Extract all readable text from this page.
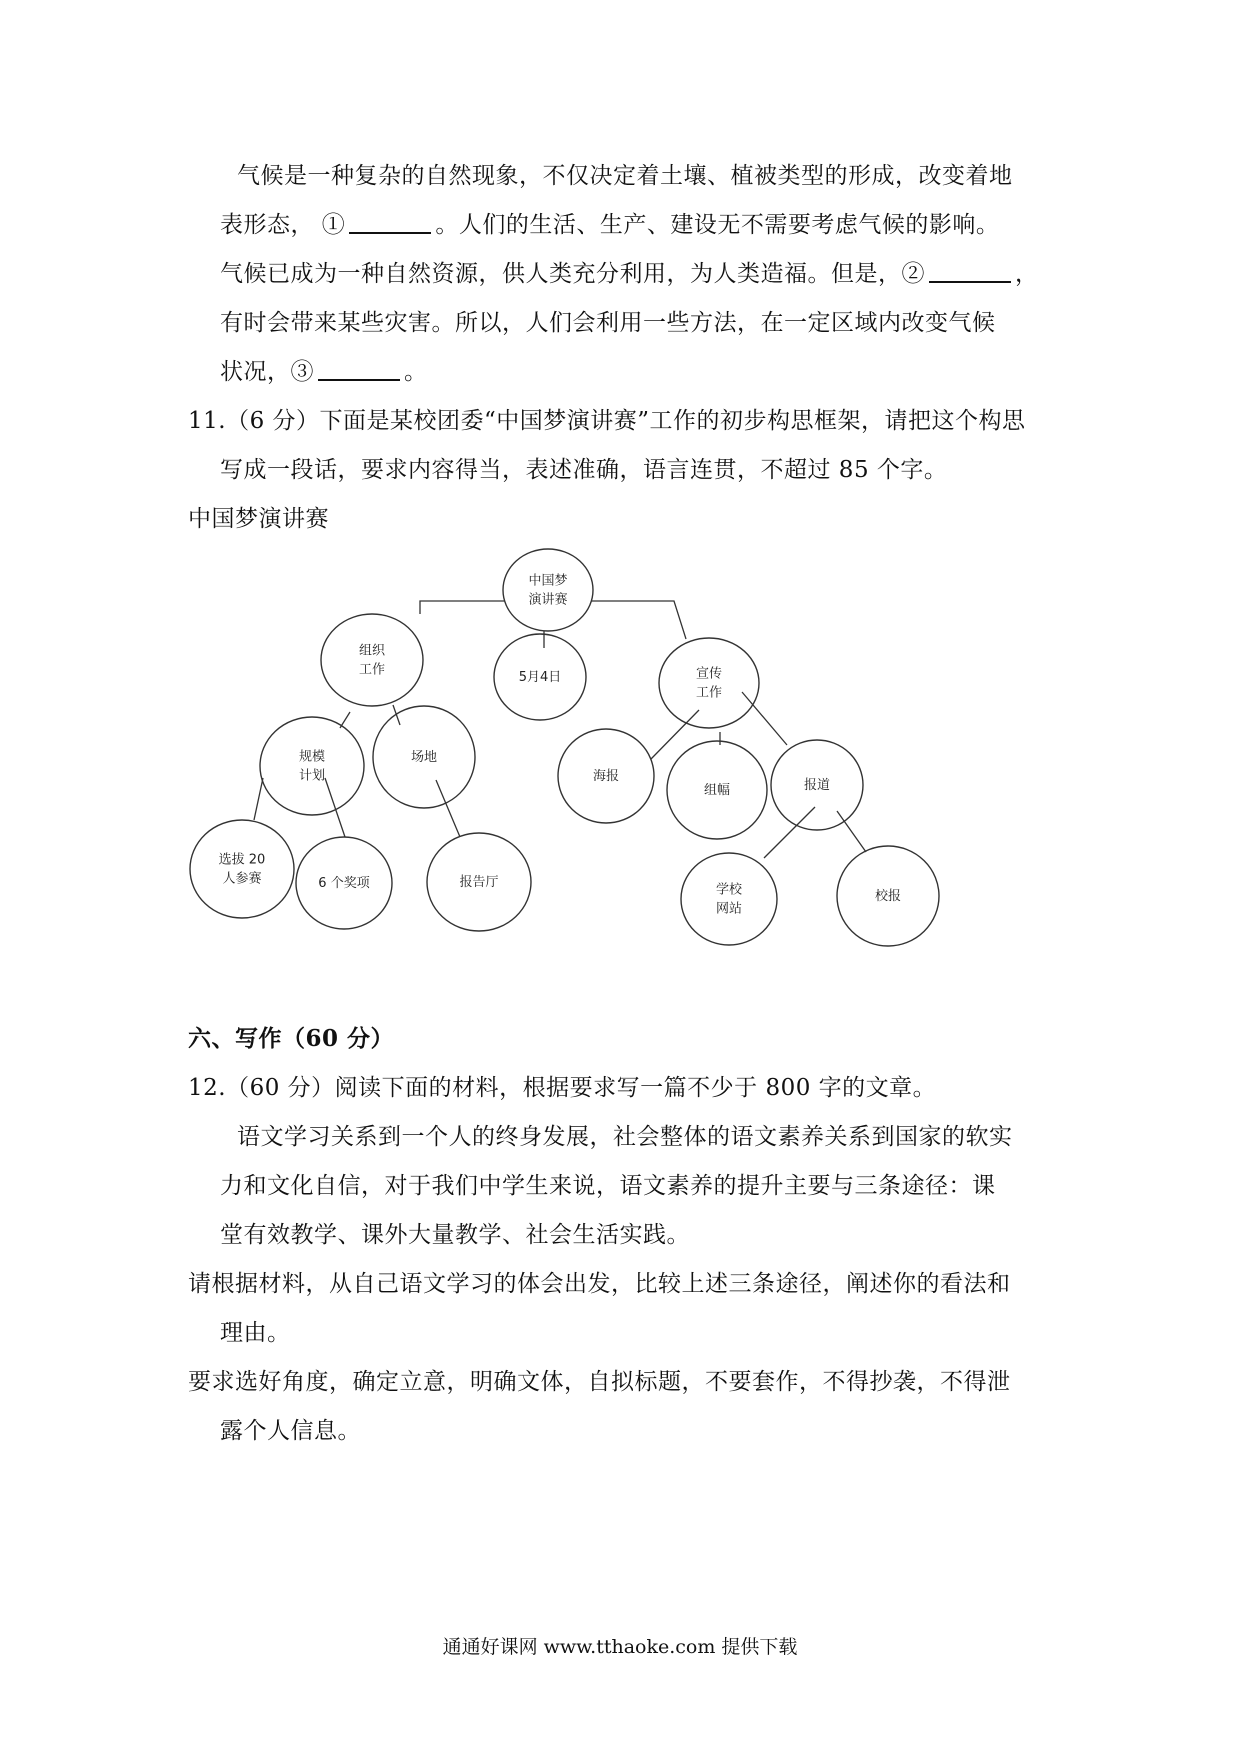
气候是一种复杂的自然现象，不仅决定着土壤、植被类型的形成，改变着地
表形态， ①	。人们的生活、生产、建设无不需要考虑气候的影响。
气候已成为一种自然资源，供人类充分利用，为人类造福。但是，②	，
有时会带来某些灾害。所以，人们会利用一些方法，在一定区域内改变气候
状况，③	。
11.（6 分）下面是某校团委“中国梦演讲赛”工作的初步构思框架，请把这个构思
写成一段话，要求内容得当，表述准确，语言连贯，不超过 85 个字。
中国梦演讲赛
中国梦
演讲赛
组织
工作	5月4日	宣传
工作
规模
计划
场地
海报
组幅	报道
选拔 20
人参赛	6 个奖项	报告厅	学校
网站
校报
六、写作（60 分）
12.（60 分）阅读下面的材料，根据要求写一篇不少于 800 字的文章。
语文学习关系到一个人的终身发展，社会整体的语文素养关系到国家的软实
力和文化自信，对于我们中学生来说，语文素养的提升主要与三条途径：课
堂有效教学、课外大量教学、社会生活实践。
请根据材料，从自己语文学习的体会出发，比较上述三条途径，阐述你的看法和
理由。
要求选好角度，确定立意，明确文体，自拟标题，不要套作，不得抄袭，不得泄
露个人信息。
通通好课网 www.tthaoke.com 提供下载
